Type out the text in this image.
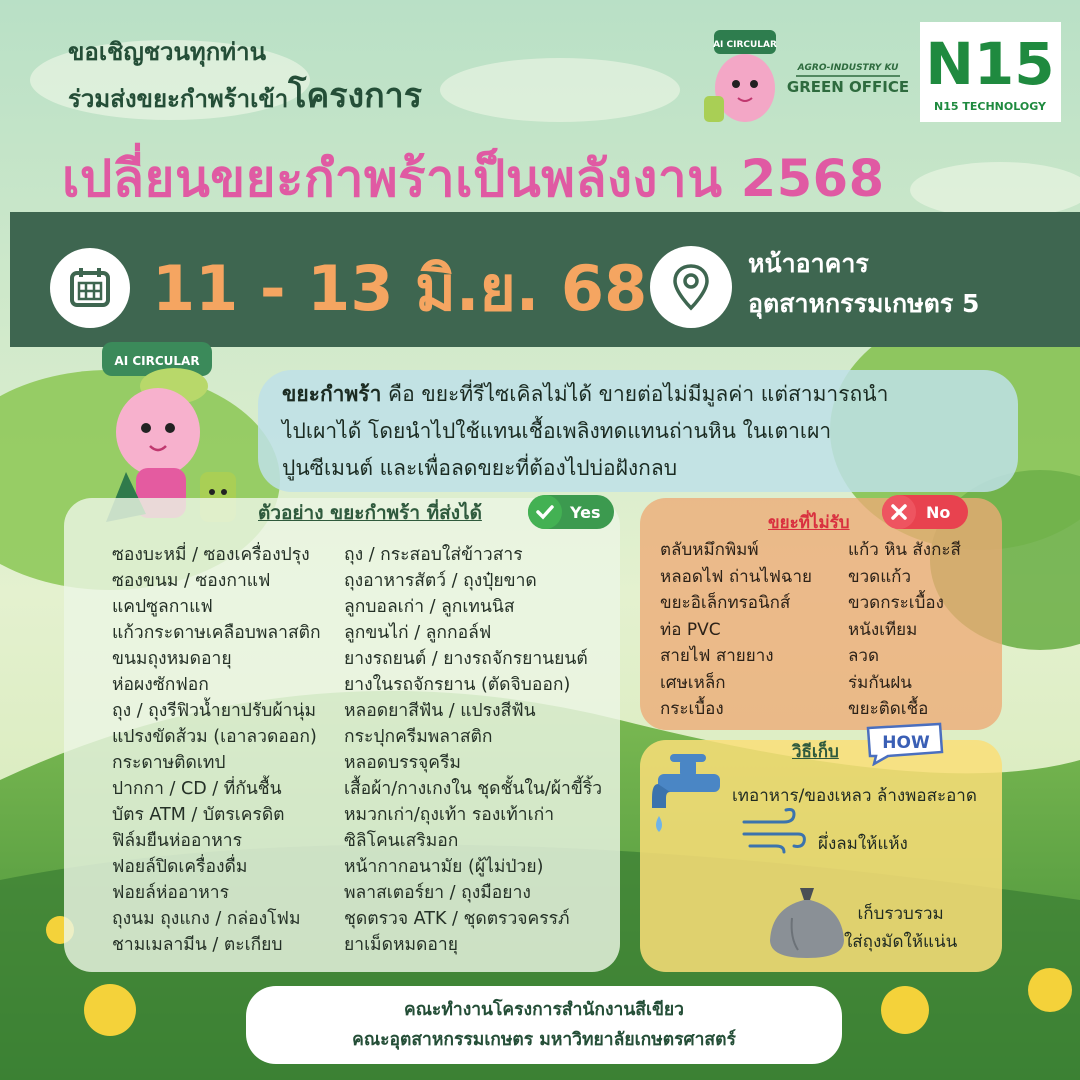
ขอเชิญชวนทุกท่าน
ร่วมส่งขยะกำพร้าเข้าโครงการ
เปลี่ยนขยะกำพร้าเป็นพลังงาน 2568
AI CIRCULAR
AGRO-INDUSTRY KU
GREEN OFFICE N15
N15 TECHNOLOGY
11 - 13 มิ.ย. 68	หน้าอาคาร
อุตสาหกรรมเกษตร 5
ขยะกำพร้า คือ ขยะที่รีไซเคิลไม่ได้ ขายต่อไม่มีมูลค่า แต่สามารถนำ
ไปเผาได้ โดยนำไปใช้แทนเชื้อเพลิงทดแทนถ่านหิน ในเตาเผา
ปูนซีเมนต์ และเพื่อลดขยะที่ต้องไปบ่อฝังกลบ
AI CIRCULAR
ตัวอย่าง ขยะกำพร้า ที่ส่งได้	Yes
ซองบะหมี่ / ซองเครื่องปรุง
ซองขนม / ซองกาแฟ
แคปซูลกาแฟ
แก้วกระดาษเคลือบพลาสติก
ขนมถุงหมดอายุ
ห่อผงซักฟอก
ถุง / ถุงรีฟิวน้ำยาปรับผ้านุ่ม
แปรงขัดส้วม (เอาลวดออก)
กระดาษติดเทป
ปากกา / CD / ที่กันชื้น
บัตร ATM / บัตรเครดิต
ฟิล์มยืนห่ออาหาร
ฟอยล์ปิดเครื่องดื่ม
ฟอยล์ห่ออาหาร
ถุงนม ถุงแกง / กล่องโฟม
ชามเมลามีน / ตะเกียบ
ถุง / กระสอบใส่ข้าวสาร
ถุงอาหารสัตว์ / ถุงปุ๋ยขาด
ลูกบอลเก่า / ลูกเทนนิส
ลูกขนไก่ / ลูกกอล์ฟ
ยางรถยนต์ / ยางรถจักรยานยนต์
ยางในรถจักรยาน (ตัดจิบออก)
หลอดยาสีฟัน / แปรงสีฟัน
กระปุกครีมพลาสติก
หลอดบรรจุครีม
เสื้อผ้า/กางเกงใน ชุดชั้นใน/ผ้าขี้ริ้ว
หมวกเก่า/ถุงเท้า รองเท้าเก่า
ซิลิโคนเสริมอก
หน้ากากอนามัย (ผู้ไม่ป่วย)
พลาสเตอร์ยา / ถุงมือยาง
ชุดตรวจ ATK / ชุดตรวจครรภ์
ยาเม็ดหมดอายุ
ขยะที่ไม่รับ
No
ตลับหมึกพิมพ์
หลอดไฟ ถ่านไฟฉาย
ขยะอิเล็กทรอนิกส์
ท่อ PVC
สายไฟ สายยาง
เศษเหล็ก
กระเบื้อง
แก้ว หิน สังกะสี
ขวดแก้ว
ขวดกระเบื้อง
หนังเทียม
ลวด
ร่มกันฝน
ขยะติดเชื้อ
วิธีเก็บ	HOW
เทอาหาร/ของเหลว ล้างพอสะอาด
ผึ่งลมให้แห้ง
เก็บรวบรวม
ใส่ถุงมัดให้แน่น
คณะทำงานโครงการสำนักงานสีเขียว
คณะอุตสาหกรรมเกษตร มหาวิทยาลัยเกษตรศาสตร์
